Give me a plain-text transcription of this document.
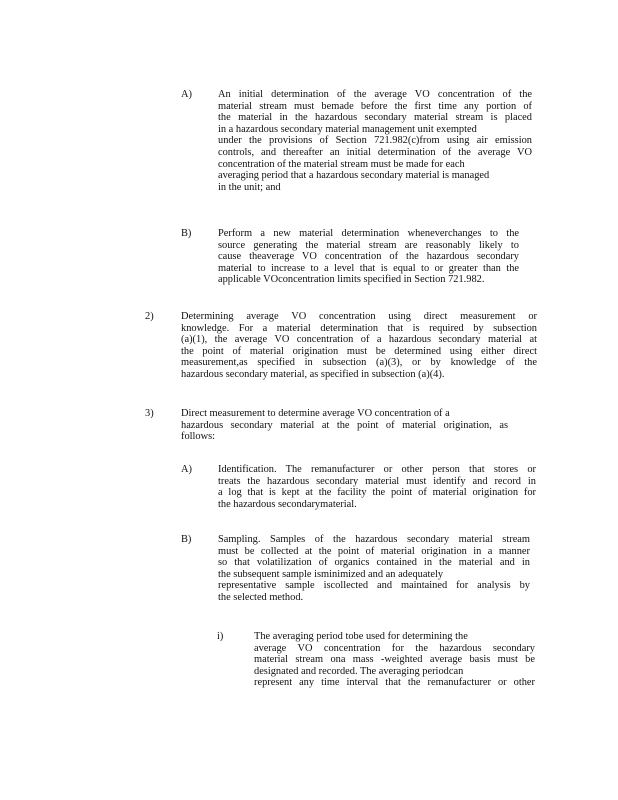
A)	An initial determination of the average VO concentration of the
material stream must bemade before the first time any portion of
the material in the hazardous secondary material stream is placed
in a hazardous secondary material management unit exempted
under the provisions of Section 721.982(c)from using air emission
controls, and thereafter an initial determination of the average VO
concentration of the material stream must be made for each
averaging period that a hazardous secondary material is managed
in the unit; and
B)	Perform a new material determination wheneverchanges to the
source generating the material stream are reasonably likely to
cause theaverage VO concentration of the hazardous secondary
material to increase to a level that is equal to or greater than the
applicable VOconcentration limits specified in Section 721.982.
2)	Determining average VO concentration using direct measurement or
knowledge. For a material determination that is required by subsection
(a)(1), the average VO concentration of a hazardous secondary material at
the point of material origination must be determined using either direct
measurement,as specified in subsection (a)(3), or by knowledge of the
hazardous secondary material, as specified in subsection (a)(4).
3)	Direct measurement to determine average VO concentration of a
hazardous secondary material at the point of material origination, as
follows:
A)	Identification. The remanufacturer or other person that stores or
treats the hazardous secondary material must identify and record in
a log that is kept at the facility the point of material origination for
the hazardous secondarymaterial.
B)	Sampling. Samples of the hazardous secondary material stream
must be collected at the point of material origination in a manner
so that volatilization of organics contained in the material and in
the subsequent sample isminimized and an adequately
representative sample iscollected and maintained for analysis by
the selected method.
i)	The averaging period tobe used for determining the
average VO concentration for the hazardous secondary
material stream ona mass -weighted average basis must be
designated and recorded. The averaging periodcan
represent any time interval that the remanufacturer or other
